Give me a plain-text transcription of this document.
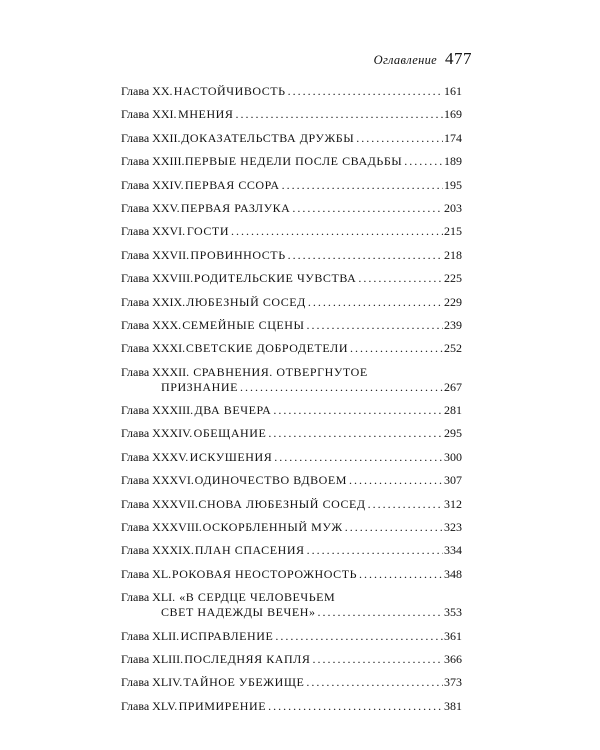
Оглавление 477
Глава XX. НАСТОЙЧИВОСТЬ . . .	161
Глава XXI. МНЕНИЯ . . .	169
Глава XXII. ДОКАЗАТЕЛЬСТВА ДРУЖБЫ . . .	174
Глава XXIII. ПЕРВЫЕ НЕДЕЛИ ПОСЛЕ СВАДЬБЫ . . .	189
Глава XXIV. ПЕРВАЯ ССОРА . . .	195
Глава XXV. ПЕРВАЯ РАЗЛУКА . . .	203
Глава XXVI. ГОСТИ . . .	215
Глава XXVII. ПРОВИННОСТЬ . . .	218
Глава XXVIII. РОДИТЕЛЬСКИЕ ЧУВСТВА . . .	225
Глава XXIX. ЛЮБЕЗНЫЙ СОСЕД . . .	229
Глава XXX. СЕМЕЙНЫЕ СЦЕНЫ . . .	239
Глава XXXI. СВЕТСКИЕ ДОБРОДЕТЕЛИ . . .	252
Глава XXXII. СРАВНЕНИЯ. ОТВЕРГНУТОЕ
ПРИЗНАНИЕ . . .	267
Глава XXXIII. ДВА ВЕЧЕРА . . .	281
Глава XXXIV. ОБЕЩАНИЕ . . .	295
Глава XXXV. ИСКУШЕНИЯ . . .	300
Глава XXXVI. ОДИНОЧЕСТВО ВДВОЕМ . . .	307
Глава XXXVII. СНОВА ЛЮБЕЗНЫЙ СОСЕД . . .	312
Глава XXXVIII. ОСКОРБЛЕННЫЙ МУЖ . . .	323
Глава XXXIX. ПЛАН СПАСЕНИЯ . . .	334
Глава XL. РОКОВАЯ НЕОСТОРОЖНОСТЬ . . .	348
Глава XLI. «В СЕРДЦЕ ЧЕЛОВЕЧЬЕМ
СВЕТ НАДЕЖДЫ ВЕЧЕН» . . .	353
Глава XLII. ИСПРАВЛЕНИЕ . . .	361
Глава XLIII. ПОСЛЕДНЯЯ КАПЛЯ . . .	366
Глава XLIV. ТАЙНОЕ УБЕЖИЩЕ . . .	373
Глава XLV. ПРИМИРЕНИЕ . . .	381
